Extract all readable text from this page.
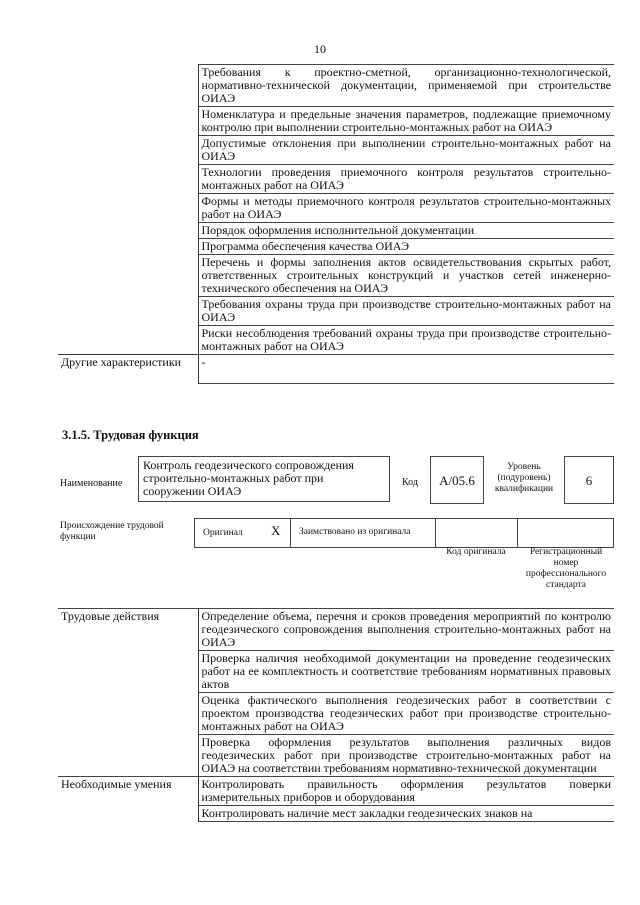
10
	Требования к проектно-сметной, организационно-технологической, нормативно-технической документации, применяемой при строительстве ОИАЭ
	Номенклатура и предельные значения параметров, подлежащие приемочному контролю при выполнении строительно-монтажных работ на ОИАЭ
	Допустимые отклонения при выполнении строительно-монтажных работ на ОИАЭ
	Технологии проведения приемочного контроля результатов строительно-монтажных работ на ОИАЭ
	Формы и методы приемочного контроля результатов строительно-монтажных работ на ОИАЭ
	Порядок оформления исполнительной документации
	Программа обеспечения качества ОИАЭ
	Перечень и формы заполнения актов освидетельствования скрытых работ, ответственных строительных конструкций и участков сетей инженерно-технического обеспечения на ОИАЭ
	Требования охраны труда при производстве строительно-монтажных работ на ОИАЭ
	Риски несоблюдения требований охраны труда при производстве строительно-монтажных работ на ОИАЭ
Другие характеристики	-
3.1.5. Трудовая функция
Наименование
Контроль геодезического сопровождения строительно-монтажных работ при сооружении ОИАЭ
Код A/05.6
Уровень (подуровень) квалификации
6
Происхождение трудовой функции	Оригинал X Заимствовано из оригинала
Код оригинала	Регистрационный номер профессионального стандарта
Трудовые действия	Определение объема, перечня и сроков проведения мероприятий по контролю геодезического сопровождения выполнения строительно-монтажных работ на ОИАЭ
	Проверка наличия необходимой документации на проведение геодезических работ на ее комплектность и соответствие требованиям нормативных правовых актов
	Оценка фактического выполнения геодезических работ в соответствии с проектом производства геодезических работ при производстве строительно-монтажных работ на ОИАЭ
	Проверка оформления результатов выполнения различных видов геодезических работ при производстве строительно-монтажных работ на ОИАЭ на соответствии требованиям нормативно-технической документации
Необходимые умения	Контролировать правильность оформления результатов поверки измерительных приборов и оборудования
	Контролировать наличие мест закладки геодезических знаков на
